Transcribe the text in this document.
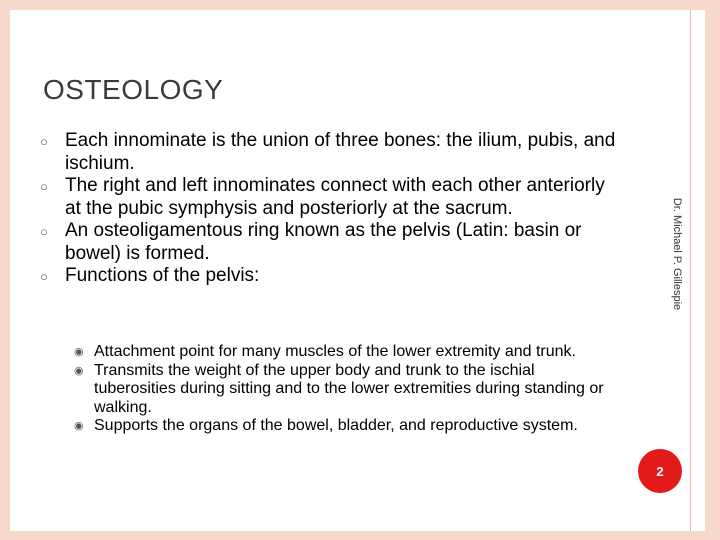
OSTEOLOGY
○ Each innominate is the union of three bones: the ilium, pubis, and ischium.
○ The right and left innominates connect with each other anteriorly at the pubic symphysis and posteriorly at the sacrum.
○ An osteoligamentous ring known as the pelvis (Latin: basin or bowel) is formed.
○ Functions of the pelvis:
◉ Attachment point for many muscles of the lower extremity and trunk.
◉ Transmits the weight of the upper body and trunk to the ischial tuberosities during sitting and to the lower extremities during standing or walking.
◉ Supports the organs of the bowel, bladder, and reproductive system.
Dr. Michael P. Gillespie
2
